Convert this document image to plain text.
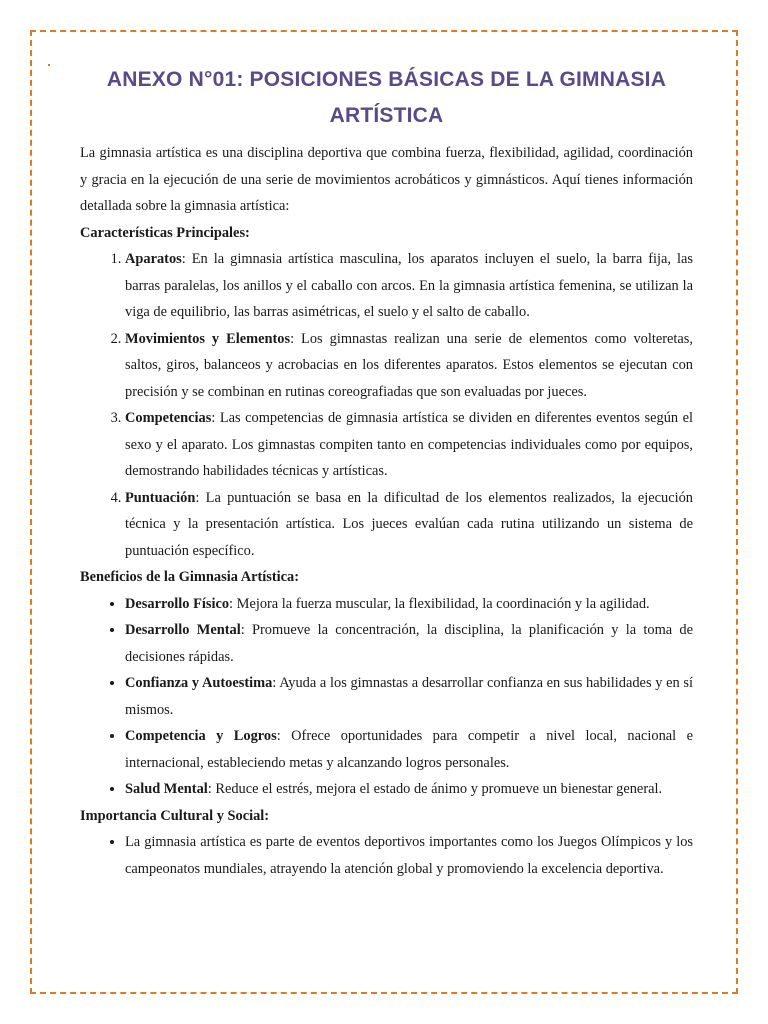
ANEXO N°01: POSICIONES BÁSICAS DE LA GIMNASIA ARTÍSTICA

La gimnasia artística es una disciplina deportiva que combina fuerza, flexibilidad, agilidad, coordinación y gracia en la ejecución de una serie de movimientos acrobáticos y gimnásticos. Aquí tienes información detallada sobre la gimnasia artística:

Características Principales:

1. Aparatos: En la gimnasia artística masculina, los aparatos incluyen el suelo, la barra fija, las barras paralelas, los anillos y el caballo con arcos. En la gimnasia artística femenina, se utilizan la viga de equilibrio, las barras asimétricas, el suelo y el salto de caballo.
2. Movimientos y Elementos: Los gimnastas realizan una serie de elementos como volteretas, saltos, giros, balanceos y acrobacias en los diferentes aparatos. Estos elementos se ejecutan con precisión y se combinan en rutinas coreografiadas que son evaluadas por jueces.
3. Competencias: Las competencias de gimnasia artística se dividen en diferentes eventos según el sexo y el aparato. Los gimnastas compiten tanto en competencias individuales como por equipos, demostrando habilidades técnicas y artísticas.
4. Puntuación: La puntuación se basa en la dificultad de los elementos realizados, la ejecución técnica y la presentación artística. Los jueces evalúan cada rutina utilizando un sistema de puntuación específico.

Beneficios de la Gimnasia Artística:

• Desarrollo Físico: Mejora la fuerza muscular, la flexibilidad, la coordinación y la agilidad.
• Desarrollo Mental: Promueve la concentración, la disciplina, la planificación y la toma de decisiones rápidas.
• Confianza y Autoestima: Ayuda a los gimnastas a desarrollar confianza en sus habilidades y en sí mismos.
• Competencia y Logros: Ofrece oportunidades para competir a nivel local, nacional e internacional, estableciendo metas y alcanzando logros personales.
• Salud Mental: Reduce el estrés, mejora el estado de ánimo y promueve un bienestar general.

Importancia Cultural y Social:

• La gimnasia artística es parte de eventos deportivos importantes como los Juegos Olímpicos y los campeonatos mundiales, atrayendo la atención global y promoviendo la excelencia deportiva.
